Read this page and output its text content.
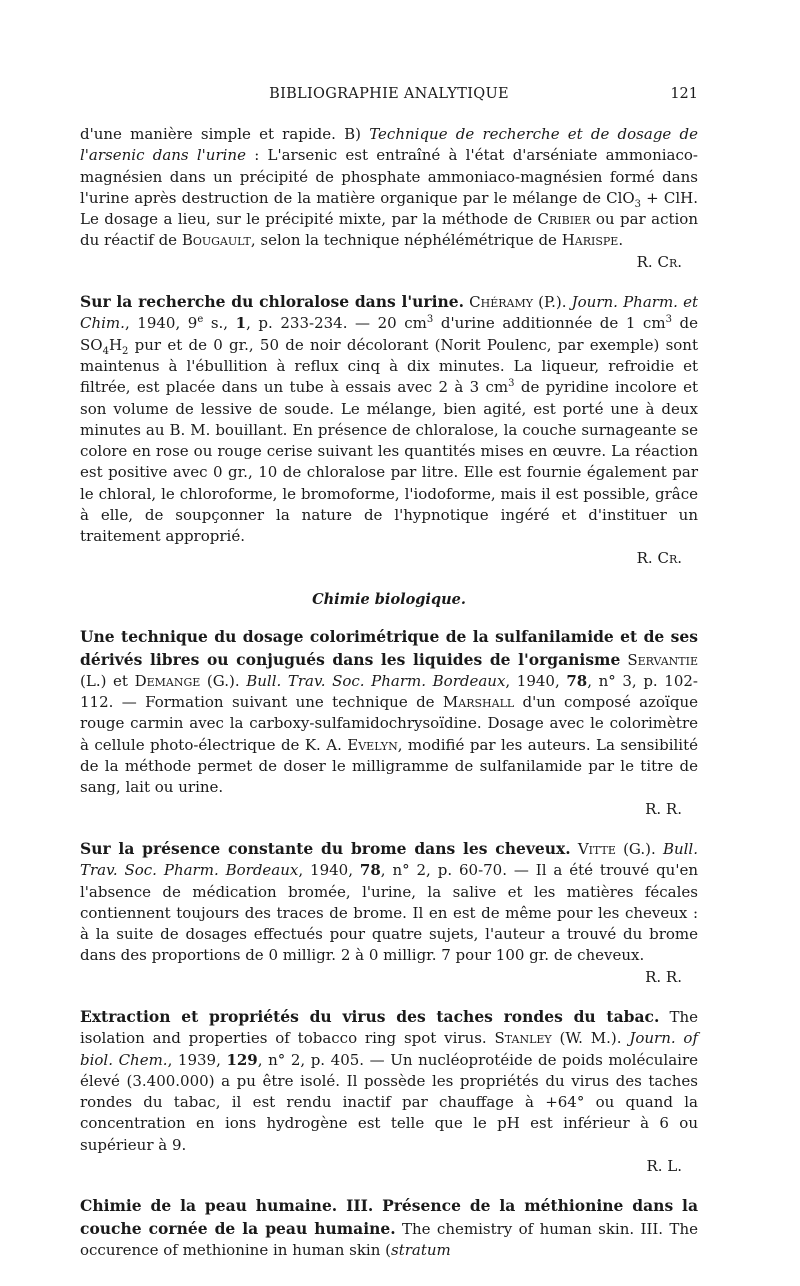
BIBLIOGRAPHIE ANALYTIQUE	121

d'une manière simple et rapide. B) Technique de recherche et de dosage de l'arsenic dans l'urine : L'arsenic est entraîné à l'état d'arséniate ammoniaco-magnésien dans un précipité de phosphate ammoniaco-magnésien formé dans l'urine après destruction de la matière organique par le mélange de ClO$_3$ + ClH. Le dosage a lieu, sur le précipité mixte, par la méthode de Cribier ou par action du réactif de Bougault, selon la technique néphélémétrique de Harispe.

R. Cr.

Sur la recherche du chloralose dans l'urine. Chéramy (P.). Journ. Pharm. et Chim., 1940, 9e s., 1, p. 233-234. — 20 $cm^3$ d'urine additionnée de 1 $cm^3$ de $SO_4H_2$ pur et de 0 gr., 50 de noir décolorant (Norit Poulenc, par exemple) sont maintenus à l'ébullition à reflux cinq à dix minutes. La liqueur, refroidie et filtrée, est placée dans un tube à essais avec 2 à 3 $cm^3$ de pyridine incolore et son volume de lessive de soude. Le mélange, bien agité, est porté une à deux minutes au B. M. bouillant. En présence de chloralose, la couche surnageante se colore en rose ou rouge cerise suivant les quantités mises en œuvre. La réaction est positive avec 0 gr., 10 de chloralose par litre. Elle est fournie également par le chloral, le chloroforme, le bromoforme, l'iodoforme, mais il est possible, grâce à elle, de soupçonner la nature de l'hypnotique ingéré et d'instituer un traitement approprié.

R. Cr.

Chimie biologique.

Une technique du dosage colorimétrique de la sulfanilamide et de ses dérivés libres ou conjugués dans les liquides de l'organisme Servantie (L.) et Demange (G.). Bull. Trav. Soc. Pharm. Bordeaux, 1940, 78, n° 3, p. 102-112. — Formation suivant une technique de Marshall d'un composé azoïque rouge carmin avec la carboxy-sulfamidochrysoïdine. Dosage avec le colorimètre à cellule photo-électrique de K. A. Evelyn, modifié par les auteurs. La sensibilité de la méthode permet de doser le milligramme de sulfanilamide par le titre de sang, lait ou urine.

R. R.

Sur la présence constante du brome dans les cheveux. Vitte (G.). Bull. Trav. Soc. Pharm. Bordeaux, 1940, 78, n° 2, p. 60-70. — Il a été trouvé qu'en l'absence de médication bromée, l'urine, la salive et les matières fécales contiennent toujours des traces de brome. Il en est de même pour les cheveux : à la suite de dosages effectués pour quatre sujets, l'auteur a trouvé du brome dans des proportions de 0 milligr. 2 à 0 milligr. 7 pour 100 gr. de cheveux.

R. R.

Extraction et propriétés du virus des taches rondes du tabac. The isolation and properties of tobacco ring spot virus. Stanley (W. M.). Journ. of biol. Chem., 1939, 129, n° 2, p. 405. — Un nucléoprotéide de poids moléculaire élevé (3.400.000) a pu être isolé. Il possède les propriétés du virus des taches rondes du tabac, il est rendu inactif par chauffage à +64° ou quand la concentration en ions hydrogène est telle que le pH est inférieur à 6 ou supérieur à 9.

R. L.

Chimie de la peau humaine. III. Présence de la méthionine dans la couche cornée de la peau humaine. The chemistry of human skin. III. The occurence of methionine in human skin (stratum
